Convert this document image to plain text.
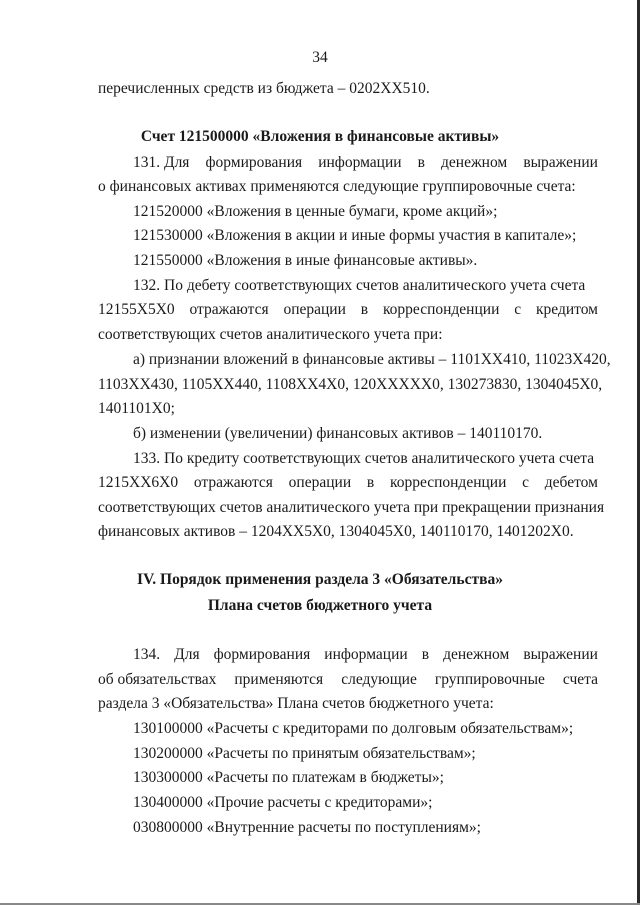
34
перечисленных средств из бюджета – 0202ХХ510.
Счет 121500000 «Вложения в финансовые активы»
131. Для формирования информации в денежном выражении
о финансовых активах применяются следующие группировочные счета:
121520000 «Вложения в ценные бумаги, кроме акций»;
121530000 «Вложения в акции и иные формы участия в капитале»;
121550000 «Вложения в иные финансовые активы».
132. По дебету соответствующих счетов аналитического учета счета
12155Х5Х0 отражаются операции в корреспонденции с кредитом
соответствующих счетов аналитического учета при:
а) признании вложений в финансовые активы – 1101ХХ410, 11023Х420,
1103ХХ430, 1105ХХ440, 1108ХХ4Х0, 120ХХХХХ0, 130273830, 1304045Х0,
1401101Х0;
б) изменении (увеличении) финансовых активов – 140110170.
133. По кредиту соответствующих счетов аналитического учета счета
1215ХХ6Х0 отражаются операции в корреспонденции с дебетом
соответствующих счетов аналитического учета при прекращении признания
финансовых активов – 1204ХХ5Х0, 1304045Х0, 140110170, 1401202Х0.
IV. Порядок применения раздела 3 «Обязательства»
Плана счетов бюджетного учета
134. Для формирования информации в денежном выражении
об обязательствах применяются следующие группировочные счета
раздела 3 «Обязательства» Плана счетов бюджетного учета:
130100000 «Расчеты с кредиторами по долговым обязательствам»;
130200000 «Расчеты по принятым обязательствам»;
130300000 «Расчеты по платежам в бюджеты»;
130400000 «Прочие расчеты с кредиторами»;
030800000 «Внутренние расчеты по поступлениям»;
